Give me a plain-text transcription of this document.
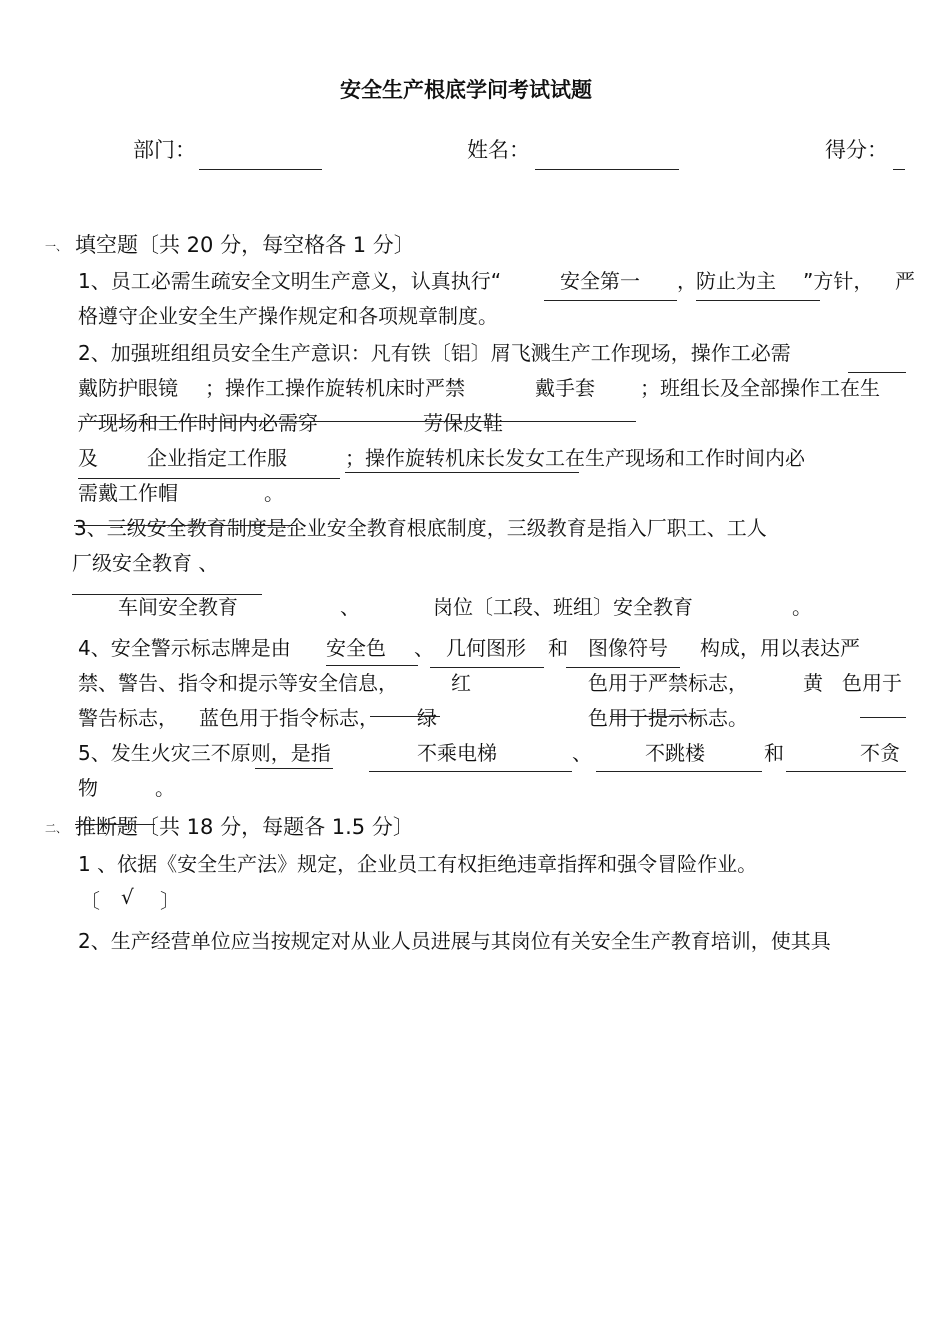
安全生产根底学问考试试题
部门：	姓名：	得分：
一、 填空题〔共 20 分，每空格各 1 分〕
1、员工必需生疏安全文明生产意义，认真执行“	安全第一 ， 防止为主 ”方针， 严
格遵守企业安全生产操作规定和各项规章制度。
2、加强班组组员安全生产意识：凡有铁〔铝〕屑飞溅生产工作现场，操作工必需
戴防护眼镜 ；操作工操作旋转机床时严禁	戴手套 ；班组长及全部操作工在生
产现场和工作时间内必需穿	劳保皮鞋
及 企业指定工作服	；操作旋转机床长发女工在生产现场和工作时间内必
需戴工作帽	。
3、三级安全教育制度是企业安全教育根底制度，三级教育是指入厂职工、工人
厂级安全教育 、
车间安全教育	、	岗位〔工段、班组〕安全教育	。
4、安全警示标志牌是由 安全色 、 几何图形 和 图像符号 构成，用以表达严
禁、警告、指令和提示等安全信息，	红	色用于严禁标志，	黄 色用于
警告标志， 蓝色用于指令标志， 绿	色用于提示标志。
5、发生火灾三不原则，是指	不乘电梯	、	不跳楼	和	不贪
物	。
二、 推断题〔共 18 分，每题各 1.5 分〕
1 、依据《安全生产法》规定，企业员工有权拒绝违章指挥和强令冒险作业。
〔 √ 〕
2、生产经营单位应当按规定对从业人员进展与其岗位有关安全生产教育培训，使其具
